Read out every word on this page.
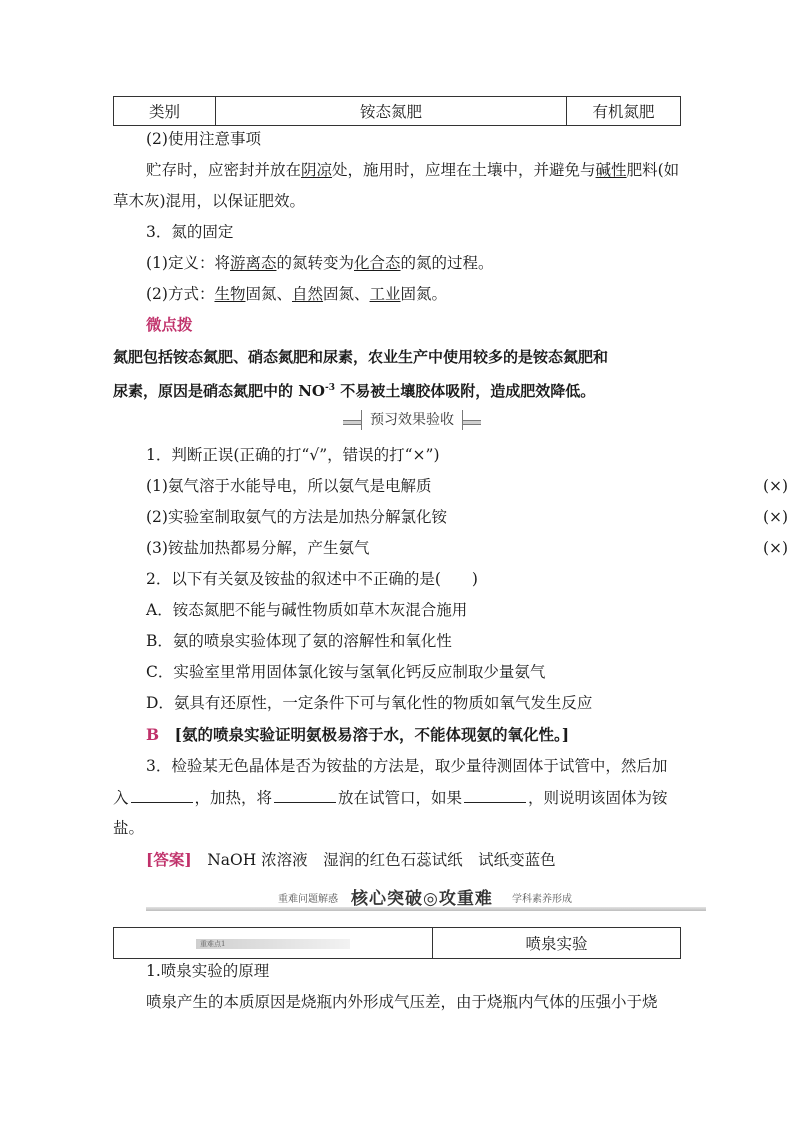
类别	铵态氮肥	有机氮肥
(2)使用注意事项
贮存时，应密封并放在阴凉处，施用时，应埋在土壤中，并避免与碱性肥料(如
草木灰)混用，以保证肥效。
3．氮的固定
(1)定义：将游离态的氮转变为化合态的氮的过程。
(2)方式：生物固氮、自然固氮、工业固氮。
微点拨
氮肥包括铵态氮肥、硝态氮肥和尿素，农业生产中使用较多的是铵态氮肥和
尿素，原因是硝态氮肥中的 $NO^{-3}$ 不易被土壤胶体吸附，造成肥效降低。
预习效果验收
1．判断正误(正确的打“√”，错误的打“×”)
(1)氨气溶于水能导电，所以氨气是电解质	(×)
(2)实验室制取氨气的方法是加热分解氯化铵	(×)
(3)铵盐加热都易分解，产生氨气	(×)
2．以下有关氨及铵盐的叙述中不正确的是(　　)
A．铵态氮肥不能与碱性物质如草木灰混合施用
B．氨的喷泉实验体现了氨的溶解性和氧化性
C．实验室里常用固体氯化铵与氢氧化钙反应制取少量氨气
D．氨具有还原性，一定条件下可与氧化性的物质如氧气发生反应
B　 [氨的喷泉实验证明氨极易溶于水，不能体现氨的氧化性。]
3．检验某无色晶体是否为铵盐的方法是，取少量待测固体于试管中，然后加
入	，加热，将	放在试管口，如果	，则说明该固体为铵
盐。
[答案]　 NaOH 浓溶液　湿润的红色石蕊试纸　试纸变蓝色
重难问题解惑 核心突破◎攻重难 学科素养形成
重难点1	喷泉实验
1.喷泉实验的原理
喷泉产生的本质原因是烧瓶内外形成气压差，由于烧瓶内气体的压强小于烧
